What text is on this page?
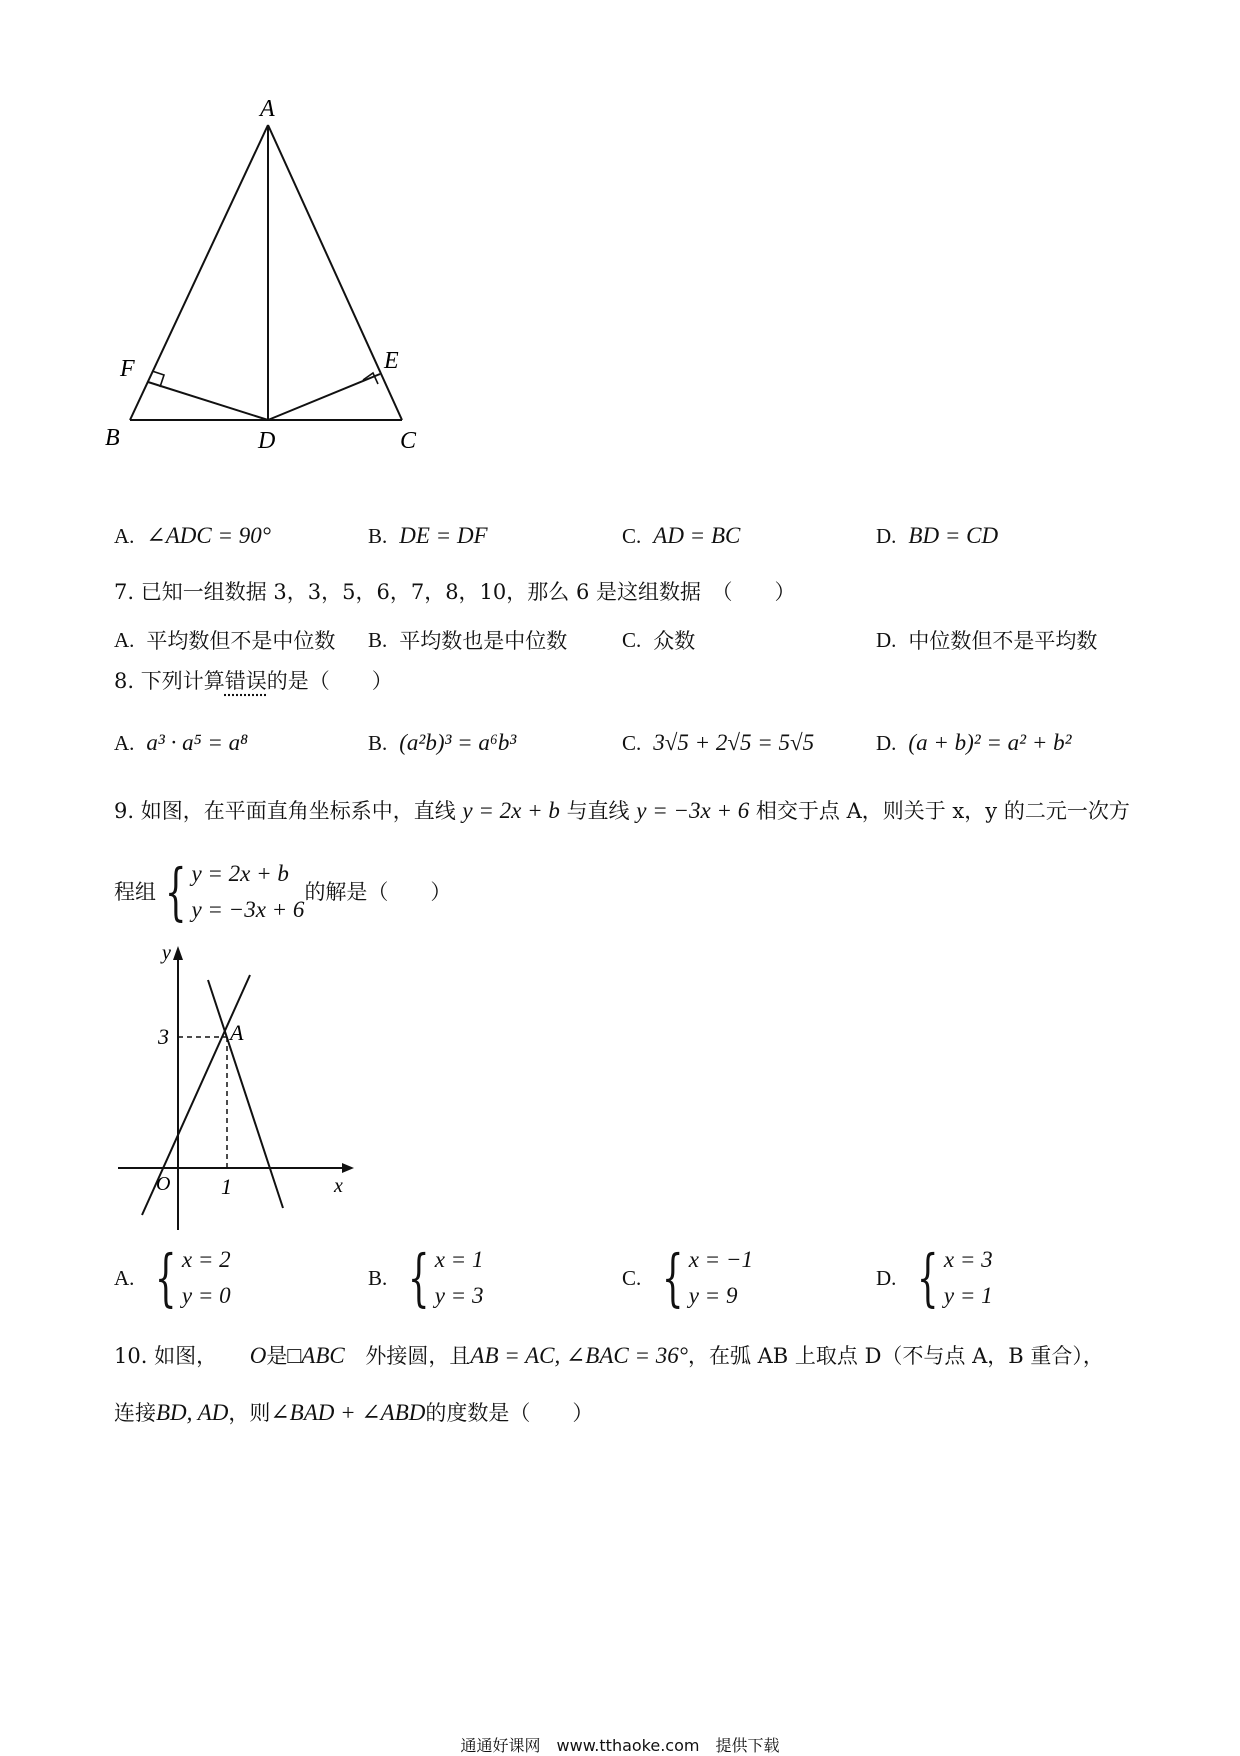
A
B	C
D
E
F
A. ∠ADC = 90°	B. DE = DF	C. AD = BC	D. BD = CD
7. 已知一组数据 3，3，5，6，7，8，10，那么 6 是这组数据　（　　）
A. 平均数但不是中位数 B. 平均数也是中位数	C. 众数	D. 中位数但不是平均数
8. 下列计算错误的是（　　）
A. a³ · a⁵ = a⁸	B. (a²b)³ = a⁶b³	C. 3√5 + 2√5 = 5√5	D. (a + b)² = a² + b²
9. 如图，在平面直角坐标系中，直线 y = 2x + b 与直线 y = −3x + 6 相交于点 A，则关于 x，y 的二元一次方
程组 { y = 2x + b
y = −3x + 6
的解是（　　）
y
x
O
A
3
1
A. { x = 2
y = 0
B. { x = 1
y = 3
C. { x = −1
y = 9
D. { x = 3
y = 1
10. 如图， O是□ABC 外接圆，且AB = AC, ∠BAC = 36°，在弧 AB 上取点 D（不与点 A，B 重合），
连接BD, AD，则∠BAD + ∠ABD的度数是（　　）
通通好课网　www.tthaoke.com　提供下载
